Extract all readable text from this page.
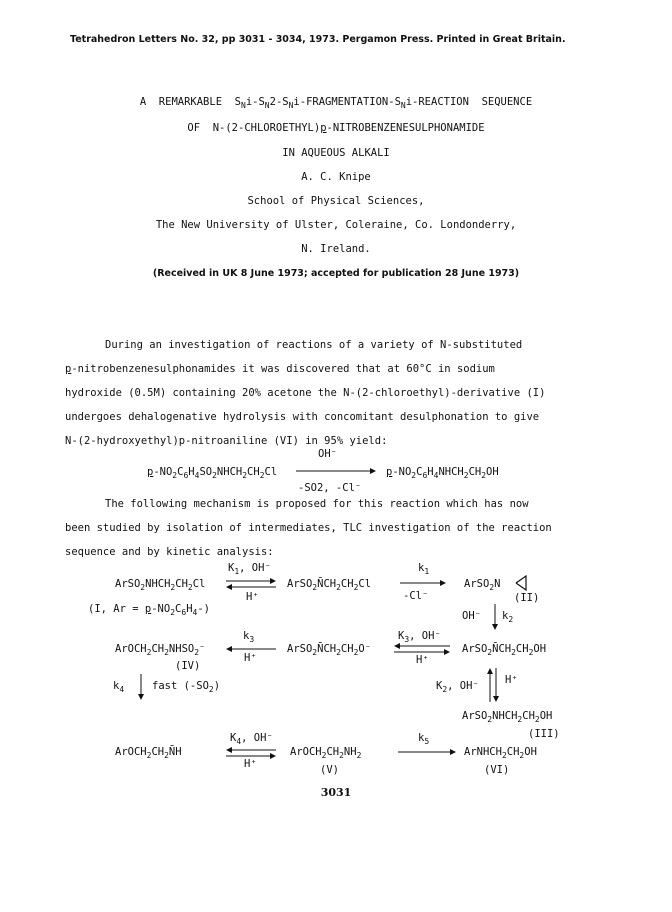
Tetrahedron Letters No. 32, pp 3031 - 3034, 1973. Pergamon Press. Printed in Great Britain.
A  REMARKABLE  $S_Ni-S_N2-S_Ni-FRAGMENTATION-S_Ni$-REACTION  SEQUENCE
OF  N-(2-CHLOROETHYL)p-NITROBENZENESULPHONAMIDE
IN AQUEOUS ALKALI
A. C. Knipe
School of Physical Sciences,
The New University of Ulster, Coleraine, Co. Londonderry,
N. Ireland.
(Received in UK 8 June 1973; accepted for publication 28 June 1973)
During an investigation of reactions of a variety of N-substituted
p-nitrobenzenesulphonamides it was discovered that at 60°C in sodium
hydroxide (0.5M) containing 20% acetone the N-(2-chloroethyl)-derivative (I)
undergoes dehalogenative hydrolysis with concomitant desulphonation to give
N-(2-hydroxyethyl)p-nitroaniline (VI) in 95% yield:
$p-NO_2C_6H_4SO_2NHCH_2CH_2Cl$
OH⁻
-SO2, -Cl⁻
$p-NO_2C_6H_4NHCH_2CH_2OH$
The following mechanism is proposed for this reaction which has now
been studied by isolation of intermediates, TLC investigation of the reaction
sequence and by kinetic analysis:
$ArSO_2NHCH_2CH_2Cl$
(I, $Ar = p-NO_2C_6H_4-$)
$K_1$, OH⁻
H⁺
$ArSO_2N̄CH_2CH_2Cl$
$k_1$
-Cl⁻
ArSO$_2$N
(II)
OH⁻ $k_2$
$ArOCH_2CH_2NHSO_2^-$
(IV)
$k_3$
H⁺
$ArSO_2N̄CH_2CH_2O^-$
$K_3$, OH⁻
H⁺
$ArSO_2N̄CH_2CH_2OH$
$k_4$	fast $(-SO_2)$	$K_2$, OH⁻ H⁺
$ArSO_2NHCH_2CH_2OH$
(III)
$ArOCH_2CH_2N̄H$
$K_4$, OH⁻
H⁺
$ArOCH_2CH_2NH_2$
(V)
$k_5$
$ArNHCH_2CH_2OH$
(VI)
3031
